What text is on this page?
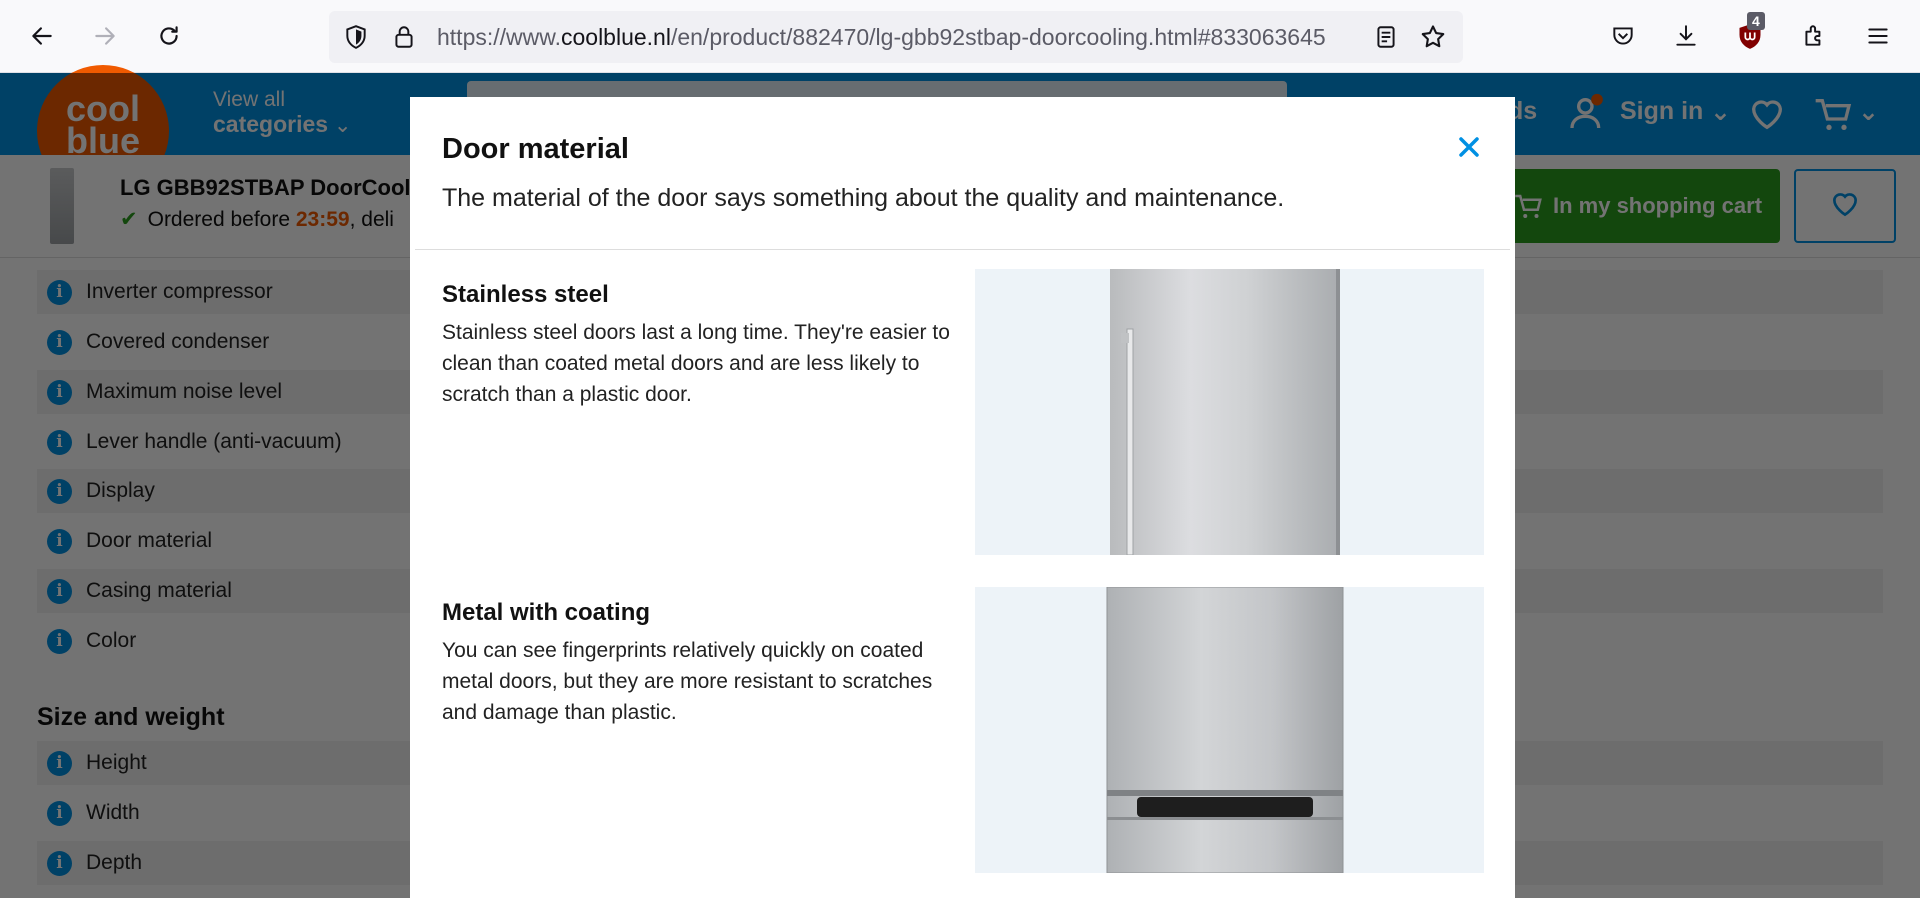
https://www.coolblue.nl/en/product/882470/lg-gbb92stbap-doorcooling.html#833063645
4
Door material
The material of the door says something about the quality and maintenance.
Stainless steel
Stainless steel doors last a long time. They're easier to clean than coated metal doors and are less likely to scratch than a plastic door.
Metal with coating
You can see fingerprints relatively quickly on coated metal doors, but they are more resistant to scratches and damage than plastic.
